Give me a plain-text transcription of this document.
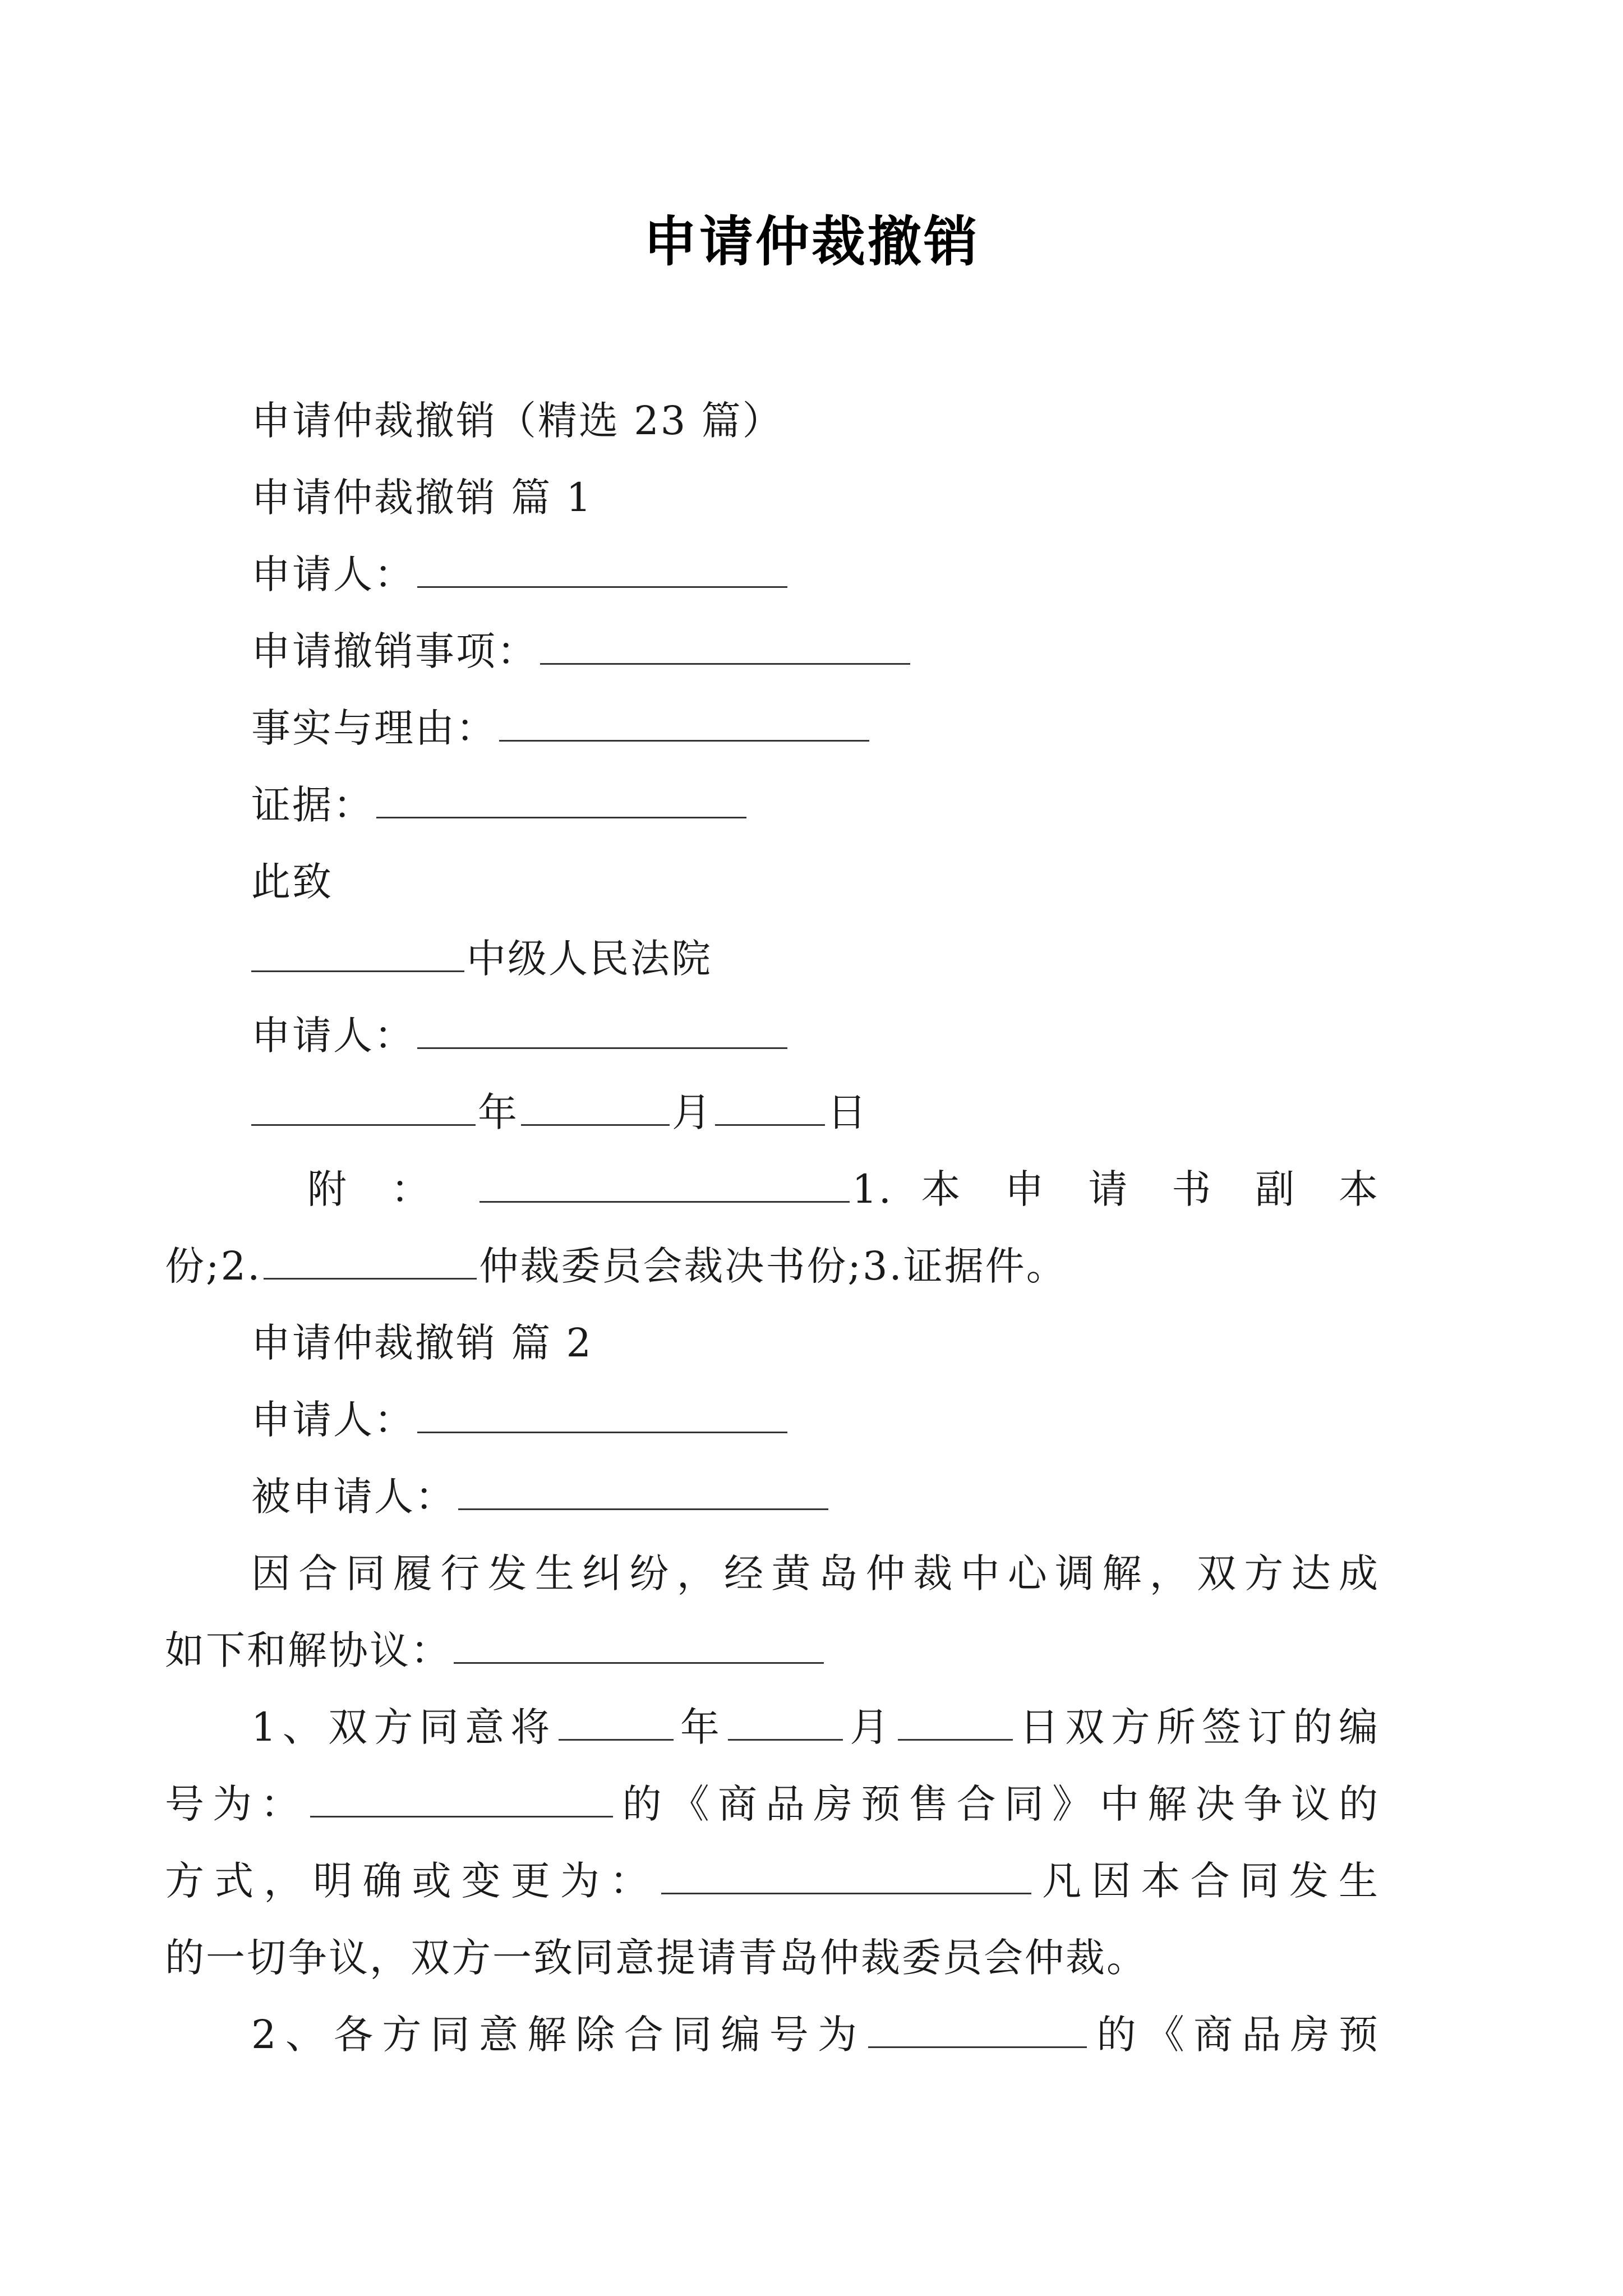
申请仲裁撤销

申请仲裁撤销（精选 23 篇）

申请仲裁撤销 篇 1

申请人：

申请撤销事项：

事实与理由：

证据：

此致

中级人民法院

申请人：

年	月	日

附 ：	1. 本 申 请 书 副 本

份;2.	仲裁委员会裁决书份;3.证据件。

申请仲裁撤销 篇 2

申请人：

被申请人：

因合同履行发生纠纷，经黄岛仲裁中心调解，双方达成

如下和解协议：

1、双方同意将	年	月	日双方所签订的编

号为：	的《商品房预售合同》中解决争议的

方式，明确或变更为：	凡因本合同发生

的一切争议，双方一致同意提请青岛仲裁委员会仲裁。

2、各方同意解除合同编号为	的《商品房预
